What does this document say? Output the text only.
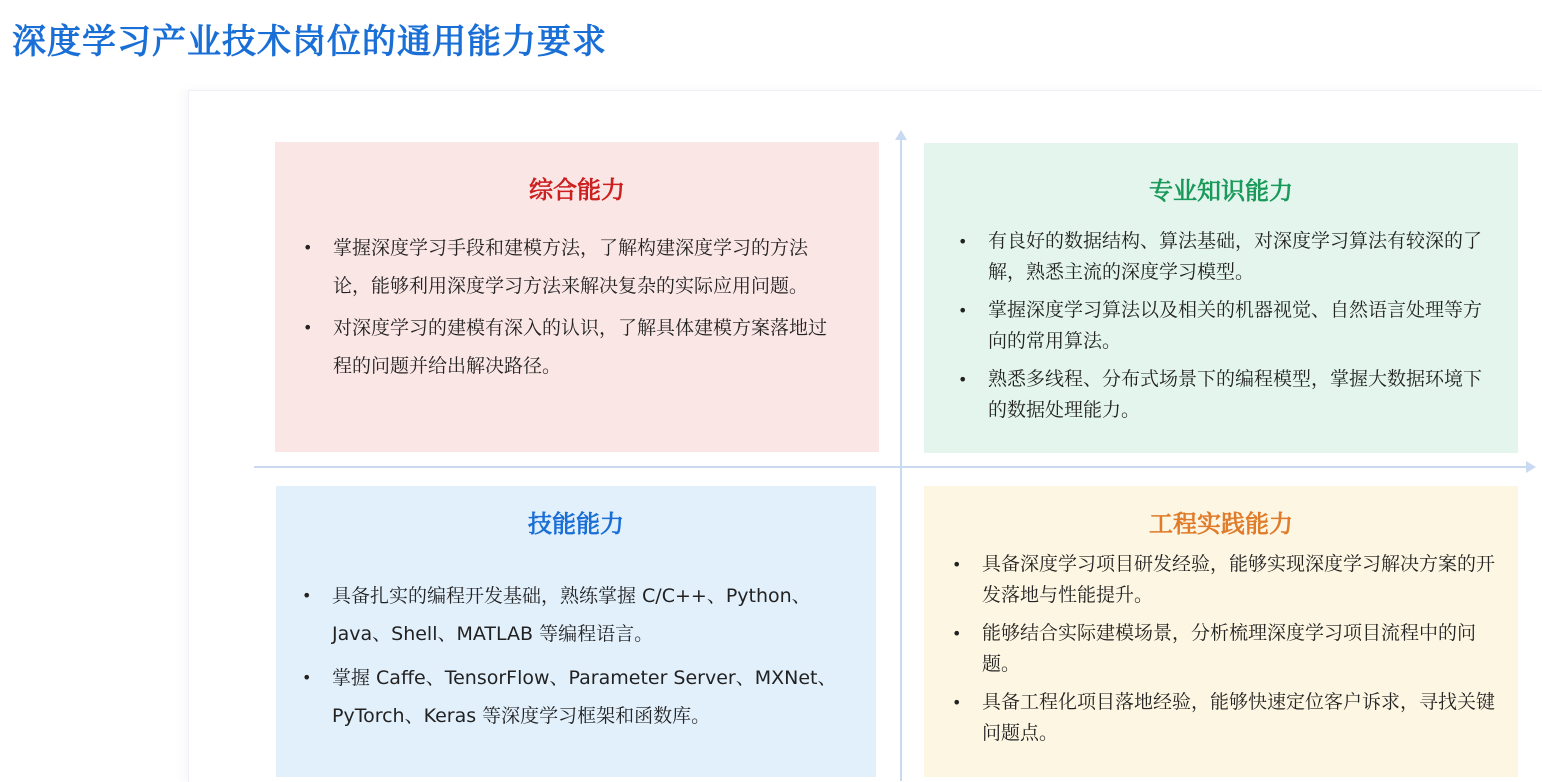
深度学习产业技术岗位的通用能力要求
综合能力
• 掌握深度学习手段和建模方法，了解构建深度学习的方法论，能够利用深度学习方法来解决复杂的实际应用问题。
• 对深度学习的建模有深入的认识，了解具体建模方案落地过程的问题并给出解决路径。
专业知识能力
• 有良好的数据结构、算法基础，对深度学习算法有较深的了解，熟悉主流的深度学习模型。
• 掌握深度学习算法以及相关的机器视觉、自然语言处理等方向的常用算法。
• 熟悉多线程、分布式场景下的编程模型，掌握大数据环境下的数据处理能力。
技能能力
• 具备扎实的编程开发基础，熟练掌握 C/C++、Python、Java、Shell、MATLAB 等编程语言。
• 掌握 Caffe、TensorFlow、Parameter Server、MXNet、PyTorch、Keras 等深度学习框架和函数库。
工程实践能力
• 具备深度学习项目研发经验，能够实现深度学习解决方案的开发落地与性能提升。
• 能够结合实际建模场景，分析梳理深度学习项目流程中的问题。
• 具备工程化项目落地经验，能够快速定位客户诉求，寻找关键问题点。
